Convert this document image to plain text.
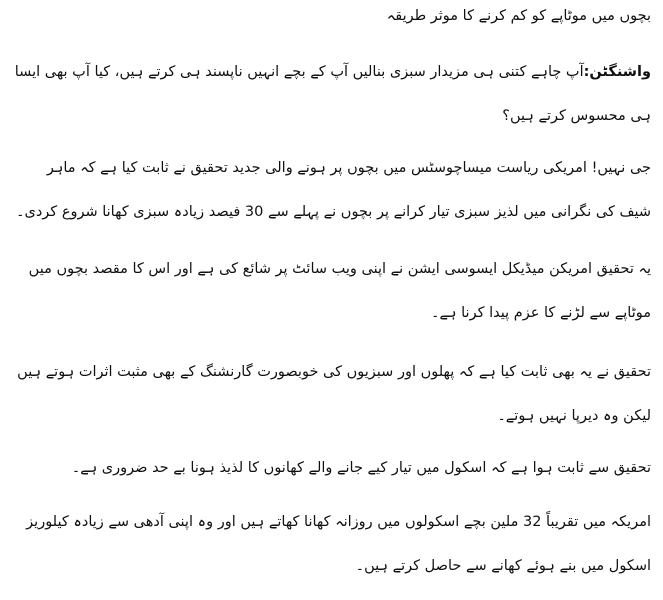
بچوں میں موٹاپے کو کم کرنے کا موثر طریقہ

واشنگٹن:آپ چاہے کتنی ہی مزیدار سبزی بنالیں آپ کے بچے انہیں ناپسند ہی کرتے ہیں، کیا آپ بھی ایسا ہی محسوس کرتے ہیں؟

جی نہیں! امریکی ریاست میساچوسٹس میں بچوں پر ہونے والی جدید تحقیق نے ثابت کیا ہے کہ ماہر شیف کی نگرانی میں لذیز سبزی تیار کرانے پر بچوں نے پہلے سے 30 فیصد زیادہ سبزی کھانا شروع کردی۔

یہ تحقیق امریکن میڈیکل ایسوسی ایشن نے اپنی ویب سائٹ پر شائع کی ہے اور اس کا مقصد بچوں میں موٹاپے سے لڑنے کا عزم پیدا کرنا ہے۔

تحقیق نے یہ بھی ثابت کیا ہے کہ پھلوں اور سبزیوں کی خوبصورت گارنشنگ کے بھی مثبت اثرات ہوتے ہیں لیکن وہ دیرپا نہیں ہوتے۔

تحقیق سے ثابت ہوا ہے کہ اسکول میں تیار کیے جانے والے کھانوں کا لذیذ ہونا بے حد ضروری ہے۔

امریکہ میں تقریباً 32 ملین بچے اسکولوں میں روزانہ کھانا کھاتے ہیں اور وہ اپنی آدھی سے زیادہ کیلوریز اسکول میں بنے ہوئے کھانے سے حاصل کرتے ہیں۔
